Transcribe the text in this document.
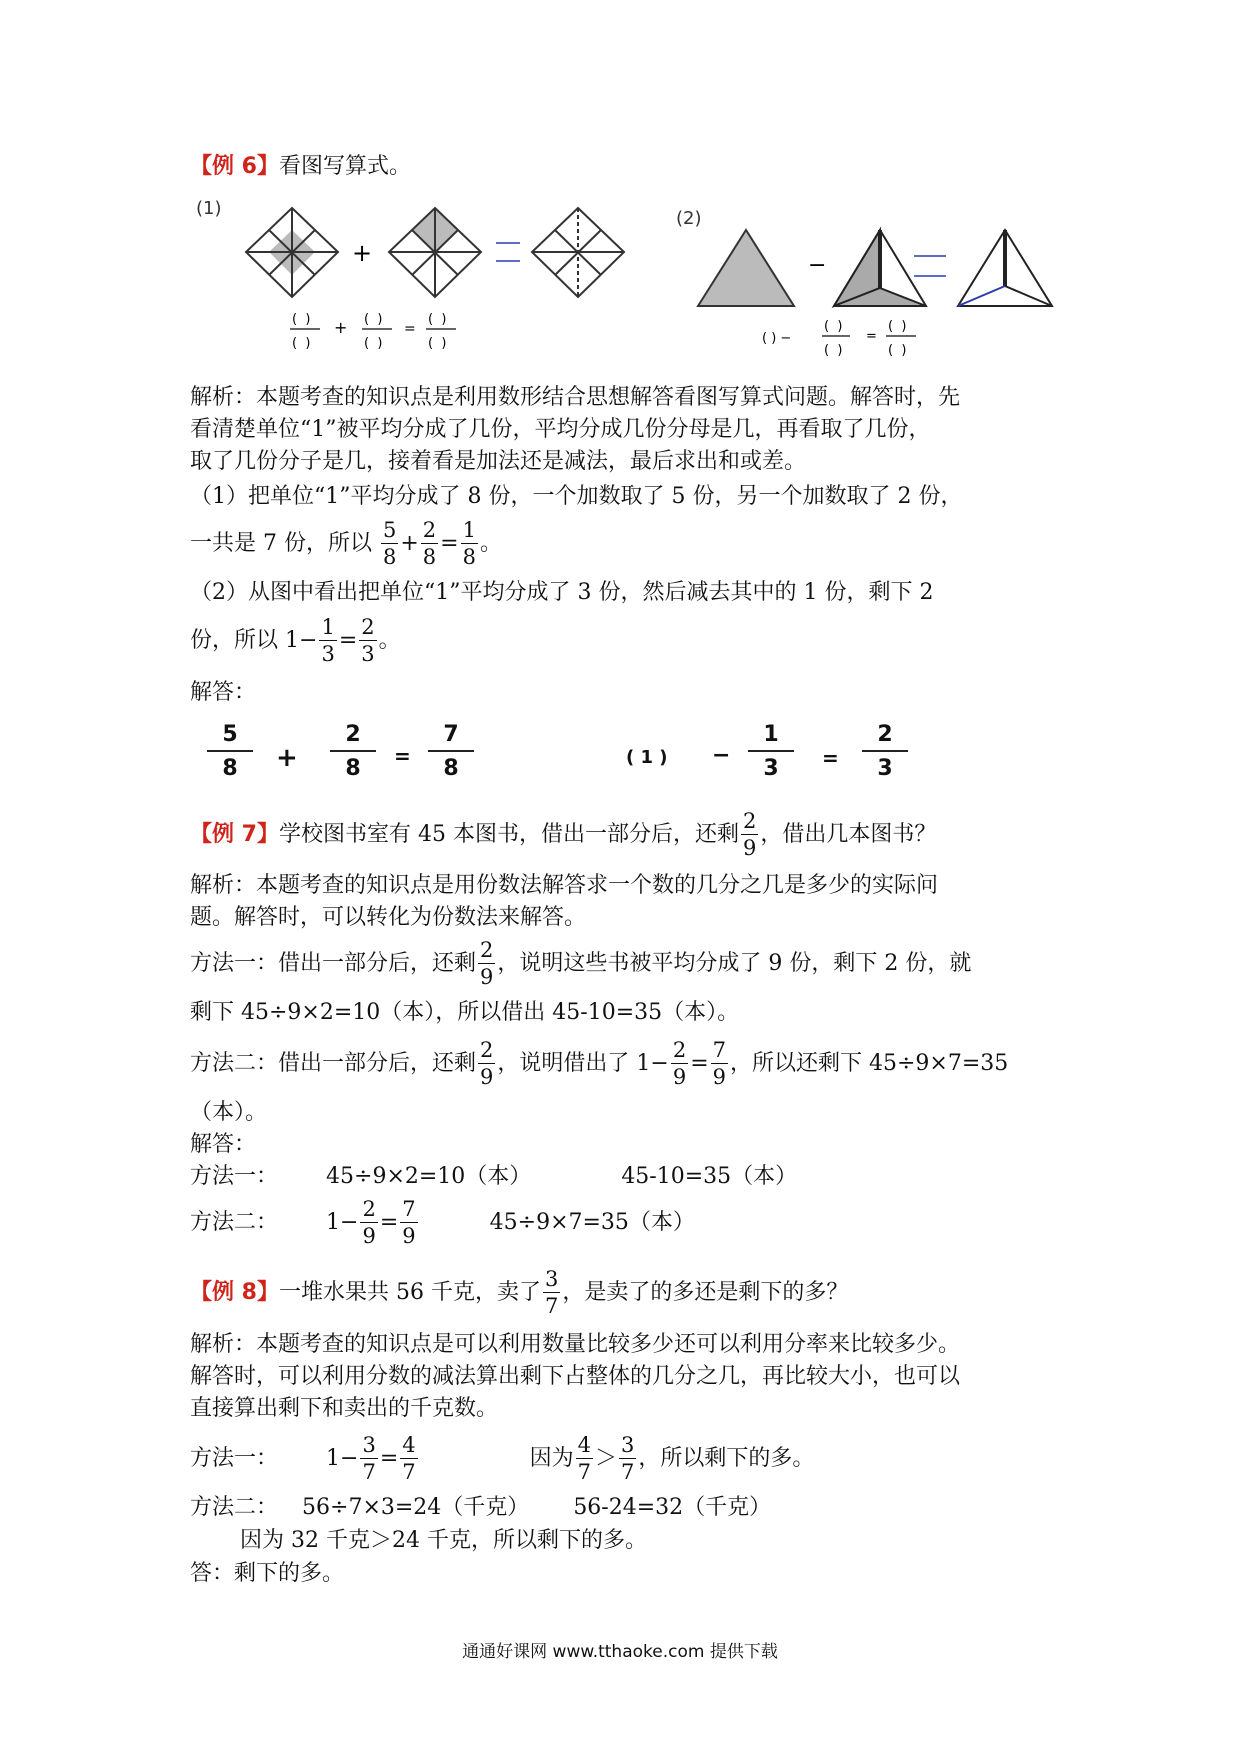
【例 6】看图写算式。
(1)
+
(  )
(  )
+ (  )
(  )
=
(  )
(  )
(2)
−
( ) −
(  )
(  )
=
(  )
(  )
解析：本题考查的知识点是利用数形结合思想解答看图写算式问题。解答时，先
看清楚单位“1”被平均分成了几份，平均分成几份分母是几，再看取了几份，
取了几份分子是几，接着看是加法还是减法，最后求出和或差。
（1）把单位“1”平均分成了 8 份，一个加数取了 5 份，另一个加数取了 2 份，
一共是 7 份，所以 $\frac{5}{8} + \frac{2}{8} = \frac{1}{8}$ 。
（2）从图中看出把单位“1”平均分成了 3 份，然后减去其中的 1 份，剩下 2
份，所以 $1- \frac{1}{3} = \frac{2}{3}$ 。
解答：
5
8	+
2
8	=
7
8	( 1 ) −
1
3	=
2
3
【例 7】学校图书室有 45 本图书，借出一部分后，还剩 $\frac{2}{9}$ ，借出几本图书？
解析：本题考查的知识点是用份数法解答求一个数的几分之几是多少的实际问
题。解答时，可以转化为份数法来解答。
方法一：借出一部分后，还剩 $\frac{2}{9}$ ，说明这些书被平均分成了 9 份，剩下 2 份，就
剩下 45÷9×2=10（本），所以借出 45-10=35（本）。
方法二：借出一部分后，还剩 $\frac{2}{9}$ ，说明借出了 $1- \frac{2}{9} = \frac{7}{9}$ ，所以还剩下 45÷9×7=35
（本）。
解答：
方法一： 45÷9×2=10（本）	45-10=35（本）
方法二： $1- \frac{2}{9} = \frac{7}{9}$	45÷9×7=35（本）
【例 8】一堆水果共 56 千克，卖了 $\frac{3}{7}$ ，是卖了的多还是剩下的多？
解析：本题考查的知识点是可以利用数量比较多少还可以利用分率来比较多少。
解答时，可以利用分数的减法算出剩下占整体的几分之几，再比较大小，也可以
直接算出剩下和卖出的千克数。
方法一： $1- \frac{3}{7} = \frac{4}{7}$	因为 $\frac{4}{7} > \frac{3}{7}$ ，所以剩下的多。
方法二： 56÷7×3=24（千克） 56-24=32（千克）
因为 32 千克＞24 千克，所以剩下的多。
答：剩下的多。
通通好课网 www.tthaoke.com 提供下载
